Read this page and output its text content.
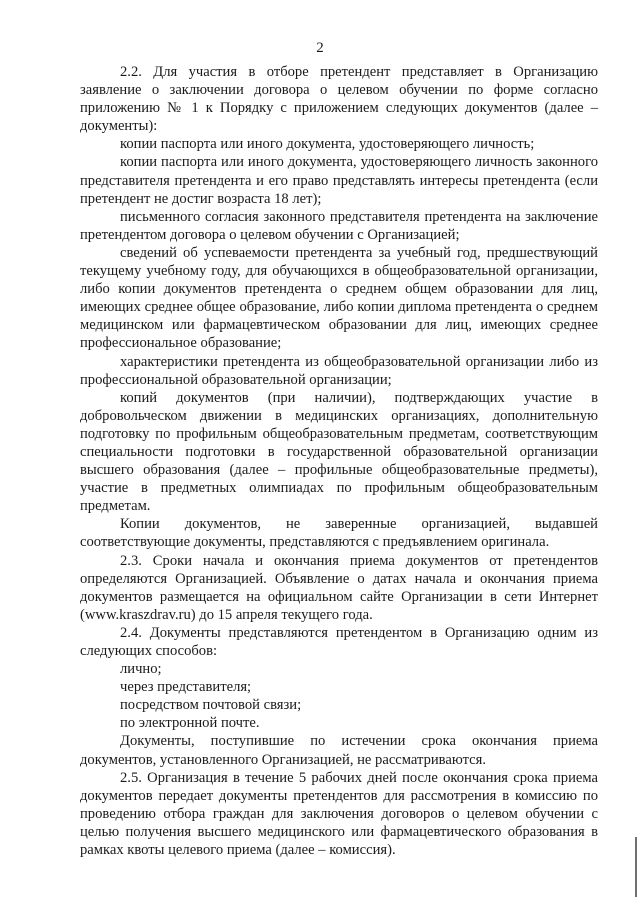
2

2.2. Для участия в отборе претендент представляет в Организацию заявление о заключении договора о целевом обучении по форме согласно приложению № 1 к Порядку с приложением следующих документов (далее – документы):

копии паспорта или иного документа, удостоверяющего личность;

копии паспорта или иного документа, удостоверяющего личность законного представителя претендента и его право представлять интересы претендента (если претендент не достиг возраста 18 лет);

письменного согласия законного представителя претендента на заключение претендентом договора о целевом обучении с Организацией;

сведений об успеваемости претендента за учебный год, предшествующий текущему учебному году, для обучающихся в общеобразовательной организации, либо копии документов претендента о среднем общем образовании для лиц, имеющих среднее общее образование, либо копии диплома претендента о среднем медицинском или фармацевтическом образовании для лиц, имеющих среднее профессиональное образование;

характеристики претендента из общеобразовательной организации либо из профессиональной образовательной организации;

копий документов (при наличии), подтверждающих участие в добровольческом движении в медицинских организациях, дополнительную подготовку по профильным общеобразовательным предметам, соответствующим специальности подготовки в государственной образовательной организации высшего образования (далее – профильные общеобразовательные предметы), участие в предметных олимпиадах по профильным общеобразовательным предметам.

Копии документов, не заверенные организацией, выдавшей соответствующие документы, представляются с предъявлением оригинала.

2.3. Сроки начала и окончания приема документов от претендентов определяются Организацией. Объявление о датах начала и окончания приема документов размещается на официальном сайте Организации в сети Интернет (www.kraszdrav.ru) до 15 апреля текущего года.

2.4. Документы представляются претендентом в Организацию одним из следующих способов:

лично;

через представителя;

посредством почтовой связи;

по электронной почте.

Документы, поступившие по истечении срока окончания приема документов, установленного Организацией, не рассматриваются.

2.5. Организация в течение 5 рабочих дней после окончания срока приема документов передает документы претендентов для рассмотрения в комиссию по проведению отбора граждан для заключения договоров о целевом обучении с целью получения высшего медицинского или фармацевтического образования в рамках квоты целевого приема (далее – комиссия).
